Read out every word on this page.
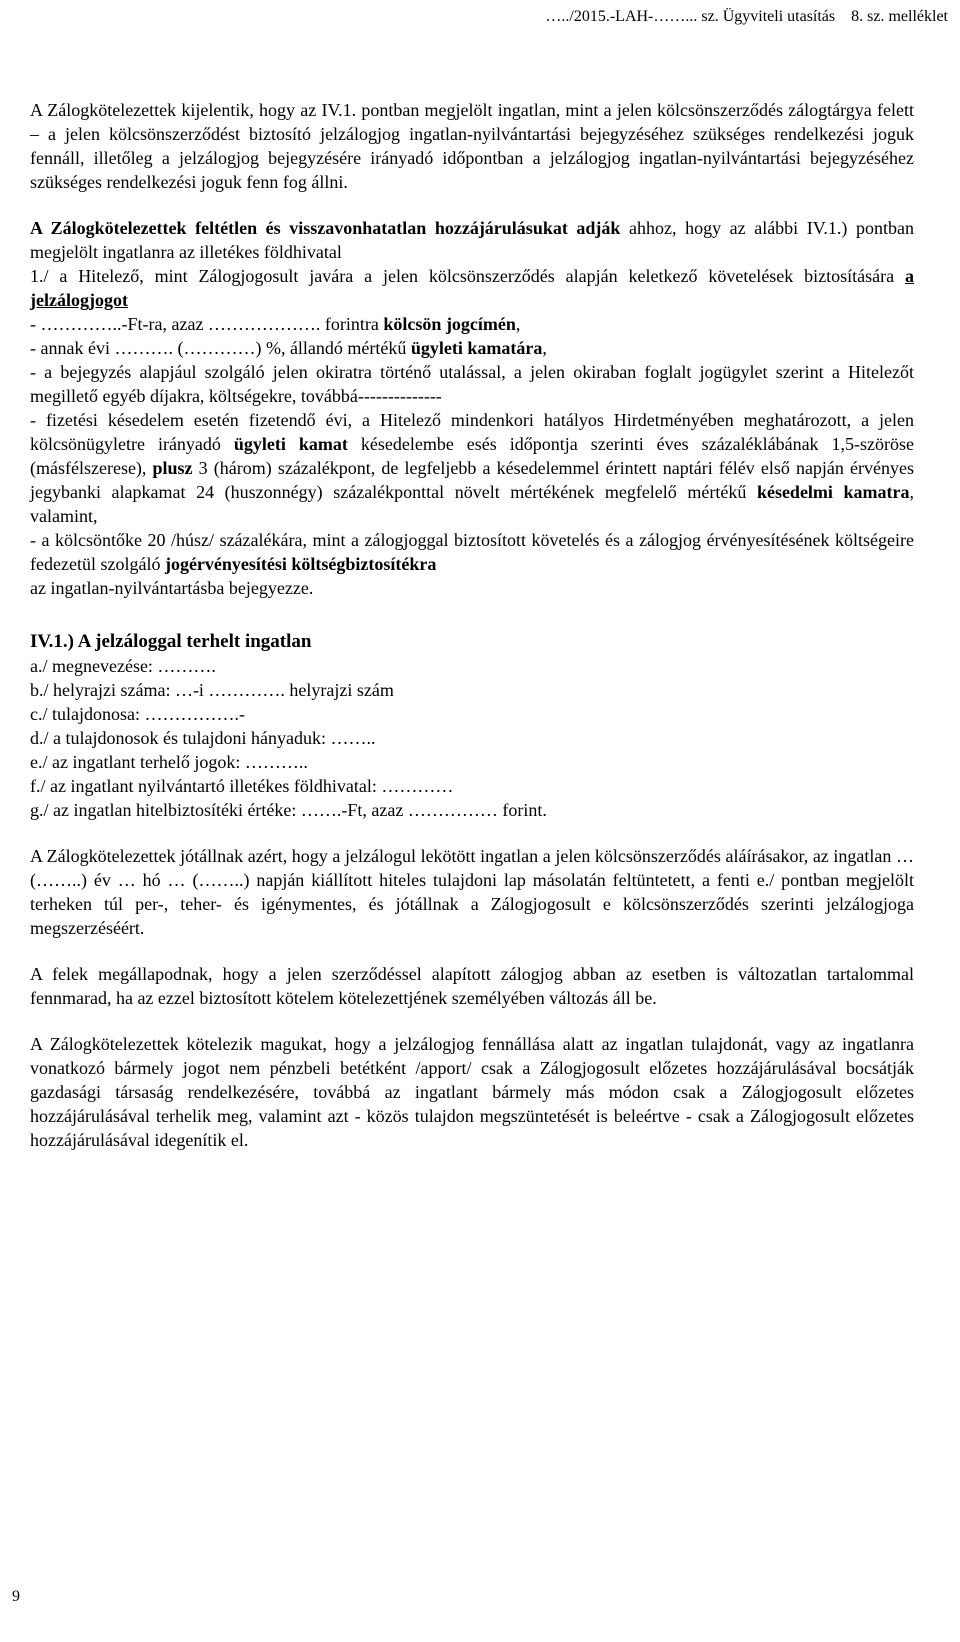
…../2015.-LAH-……... sz. Ügyviteli utasítás    8. sz. melléklet

A Zálogkötelezettek kijelentik, hogy az IV.1. pontban megjelölt ingatlan, mint a jelen kölcsönszerződés zálogtárgya felett – a jelen kölcsönszerződést biztosító jelzálogjog ingatlan-nyilvántartási bejegyzéséhez szükséges rendelkezési joguk fennáll, illetőleg a jelzálogjog bejegyzésére irányadó időpontban a jelzálogjog ingatlan-nyilvántartási bejegyzéséhez szükséges rendelkezési joguk fenn fog állni.

A Zálogkötelezettek feltétlen és visszavonhatatlan hozzájárulásukat adják ahhoz, hogy az alábbi IV.1.) pontban megjelölt ingatlanra az illetékes földhivatal

1./ a Hitelező, mint Zálogjogosult javára a jelen kölcsönszerződés alapján keletkező követelések biztosítására a jelzálogjogot

- …………..-Ft-ra, azaz ………………. forintra kölcsön jogcímén,

- annak évi ………. (…………) %, állandó mértékű ügyleti kamatára,

- a bejegyzés alapjául szolgáló jelen okiratra történő utalással, a jelen okiraban foglalt jogügylet szerint a Hitelezőt megillető egyéb díjakra, költségekre, továbbá--------------

- fizetési késedelem esetén fizetendő évi, a Hitelező mindenkori hatályos Hirdetményében meghatározott, a jelen kölcsönügyletre irányadó ügyleti kamat késedelembe esés időpontja szerinti éves százaléklábának 1,5-szöröse (másfélszerese), plusz 3 (három) százalékpont, de legfeljebb a késedelemmel érintett naptári félév első napján érvényes jegybanki alapkamat 24 (huszonnégy) százalékponttal növelt mértékének megfelelő mértékű késedelmi kamatra, valamint,

- a kölcsöntőke 20 /húsz/ százalékára, mint a zálogjoggal biztosított követelés és a zálogjog érvényesítésének költségeire fedezetül szolgáló jogérvényesítési költségbiztosítékra

az ingatlan-nyilvántartásba bejegyezze.

IV.1.) A jelzáloggal terhelt ingatlan

a./ megnevezése: ……….

b./ helyrajzi száma: …-i …………. helyrajzi szám

c./ tulajdonosa: …………….-

d./ a tulajdonosok és tulajdoni hányaduk: ……..

e./ az ingatlant terhelő jogok: ………..

f./ az ingatlant nyilvántartó illetékes földhivatal: …………

g./ az ingatlan hitelbiztosítéki értéke: …….-Ft, azaz …………… forint.

A Zálogkötelezettek jótállnak azért, hogy a jelzálogul lekötött ingatlan a jelen kölcsönszerződés aláírásakor, az ingatlan … (……..) év … hó … (……..) napján kiállított hiteles tulajdoni lap másolatán feltüntetett, a fenti e./ pontban megjelölt terheken túl per-, teher- és igénymentes, és jótállnak a Zálogjogosult e kölcsönszerződés szerinti jelzálogjoga megszerzéséért.

A felek megállapodnak, hogy a jelen szerződéssel alapított zálogjog abban az esetben is változatlan tartalommal fennmarad, ha az ezzel biztosított kötelem kötelezettjének személyében változás áll be.

A Zálogkötelezettek kötelezik magukat, hogy a jelzálogjog fennállása alatt az ingatlan tulajdonát, vagy az ingatlanra vonatkozó bármely jogot nem pénzbeli betétként /apport/ csak a Zálogjogosult előzetes hozzájárulásával bocsátják gazdasági társaság rendelkezésére, továbbá az ingatlant bármely más módon csak a Zálogjogosult előzetes hozzájárulásával terhelik meg, valamint azt - közös tulajdon megszüntetését is beleértve - csak a Zálogjogosult előzetes hozzájárulásával idegenítik el.

9
